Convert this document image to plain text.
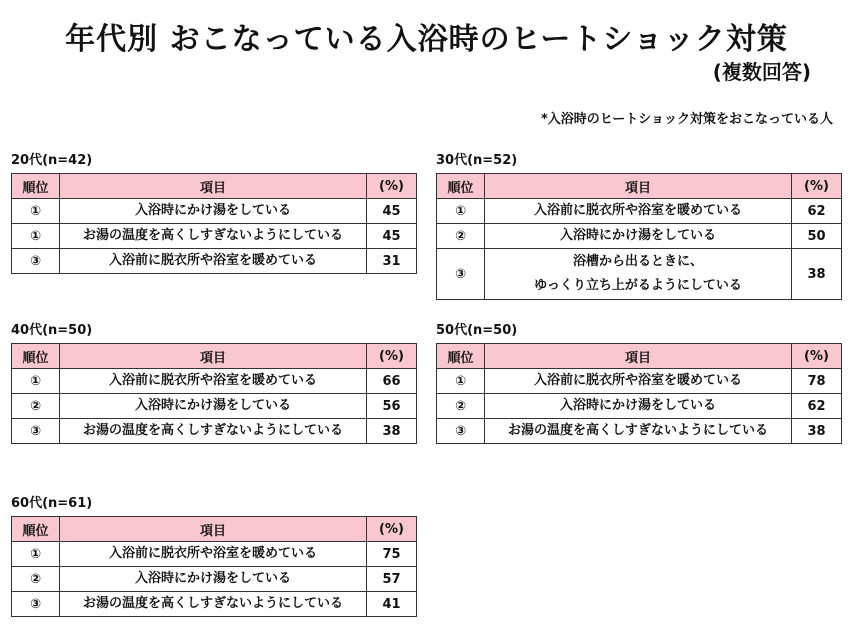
年代別 おこなっている入浴時のヒートショック対策
(複数回答)
*入浴時のヒートショック対策をおこなっている人
20代(n=42)
順位	項目	(%)
①	入浴時にかけ湯をしている	45
①	お湯の温度を高くしすぎないようにしている	45
③	入浴前に脱衣所や浴室を暖めている	31
30代(n=52)
順位	項目	(%)
①	入浴前に脱衣所や浴室を暖めている	62
②	入浴時にかけ湯をしている	50
③	浴槽から出るときに、
ゆっくり立ち上がるようにしている	38
40代(n=50)
順位	項目	(%)
①	入浴前に脱衣所や浴室を暖めている	66
②	入浴時にかけ湯をしている	56
③	お湯の温度を高くしすぎないようにしている	38
50代(n=50)
順位	項目	(%)
①	入浴前に脱衣所や浴室を暖めている	78
②	入浴時にかけ湯をしている	62
③	お湯の温度を高くしすぎないようにしている	38
60代(n=61)
順位	項目	(%)
①	入浴前に脱衣所や浴室を暖めている	75
②	入浴時にかけ湯をしている	57
③	お湯の温度を高くしすぎないようにしている	41
